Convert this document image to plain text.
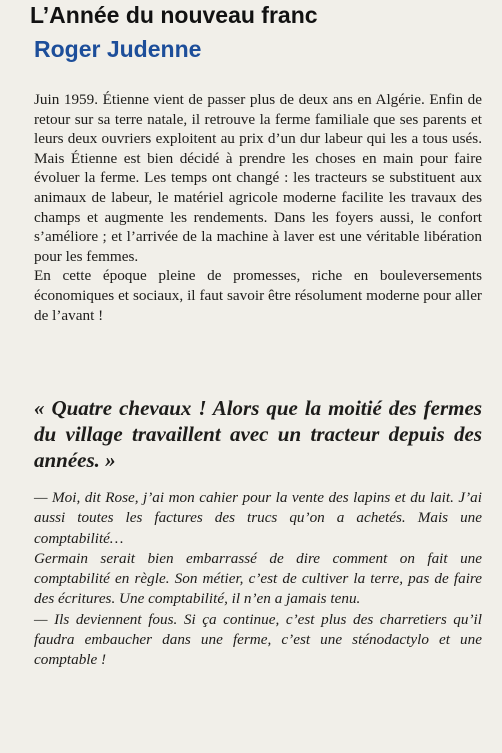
L’Année du nouveau franc
Roger Judenne

Juin 1959. Étienne vient de passer plus de deux ans en Algérie. Enfin de retour sur sa terre natale, il retrouve la ferme familiale que ses parents et leurs deux ouvriers exploitent au prix d’un dur labeur qui les a tous usés. Mais Étienne est bien décidé à prendre les choses en main pour faire évoluer la ferme. Les temps ont changé : les tracteurs se substituent aux animaux de labeur, le matériel agricole moderne facilite les travaux des champs et augmente les rendements. Dans les foyers aussi, le confort s’améliore ; et l’arrivée de la machine à laver est une véritable libération pour les femmes.

En cette époque pleine de promesses, riche en bouleversements économiques et sociaux, il faut savoir être résolument moderne pour aller de l’avant !

« Quatre chevaux ! Alors que la moitié des fermes du village travaillent avec un tracteur depuis des années. »

— Moi, dit Rose, j’ai mon cahier pour la vente des lapins et du lait. J’ai aussi toutes les factures des trucs qu’on a achetés. Mais une comptabilité…

Germain serait bien embarrassé de dire comment on fait une comptabilité en règle. Son métier, c’est de cultiver la terre, pas de faire des écritures. Une comptabilité, il n’en a jamais tenu.

— Ils deviennent fous. Si ça continue, c’est plus des charretiers qu’il faudra embaucher dans une ferme, c’est une sténodactylo et une comptable !
